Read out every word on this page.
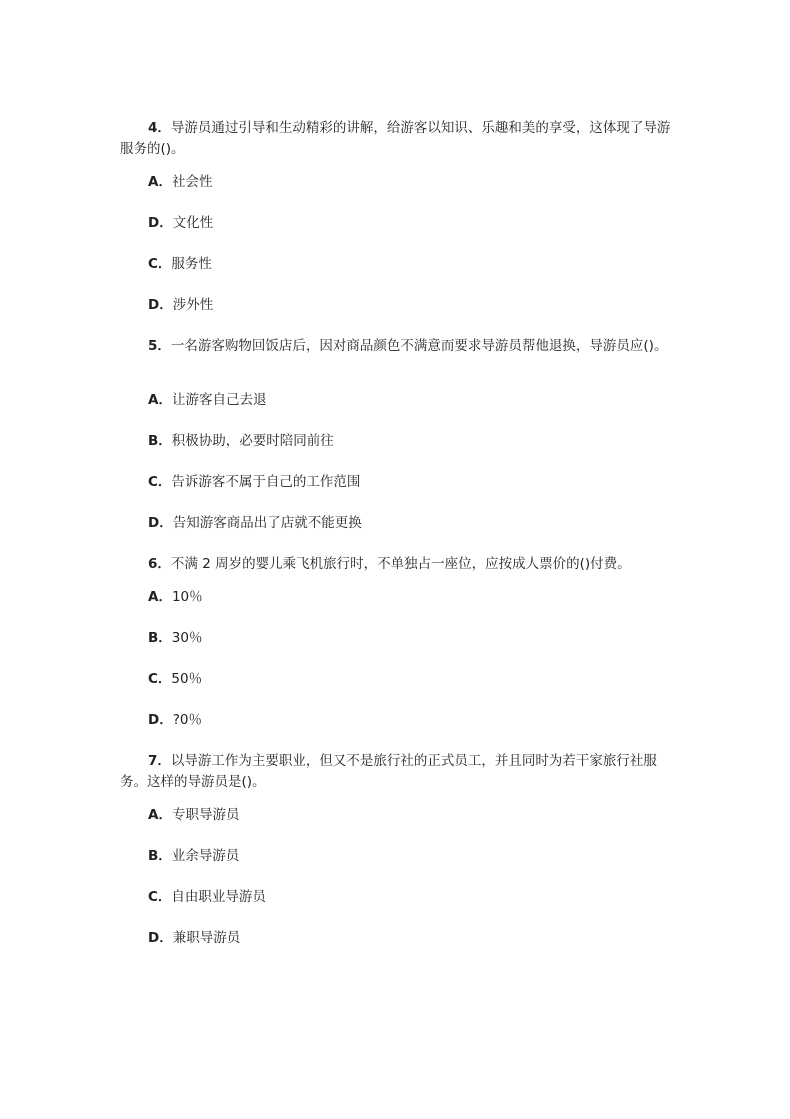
4．导游员通过引导和生动精彩的讲解，给游客以知识、乐趣和美的享受，这体现了导游服务的()。
A．社会性
D．文化性
C．服务性
D．涉外性
5．一名游客购物回饭店后，因对商品颜色不满意而要求导游员帮他退换，导游员应()。
A．让游客自己去退
B．积极协助，必要时陪同前往
C．告诉游客不属于自己的工作范围
D．告知游客商品出了店就不能更换
6．不满 2 周岁的婴儿乘飞机旅行时，不单独占一座位，应按成人票价的()付费。
A．10％
B．30％
C．50％
D．?0％
7．以导游工作为主要职业，但又不是旅行社的正式员工，并且同时为若干家旅行社服务。这样的导游员是()。
A．专职导游员
B．业余导游员
C．自由职业导游员
D．兼职导游员
